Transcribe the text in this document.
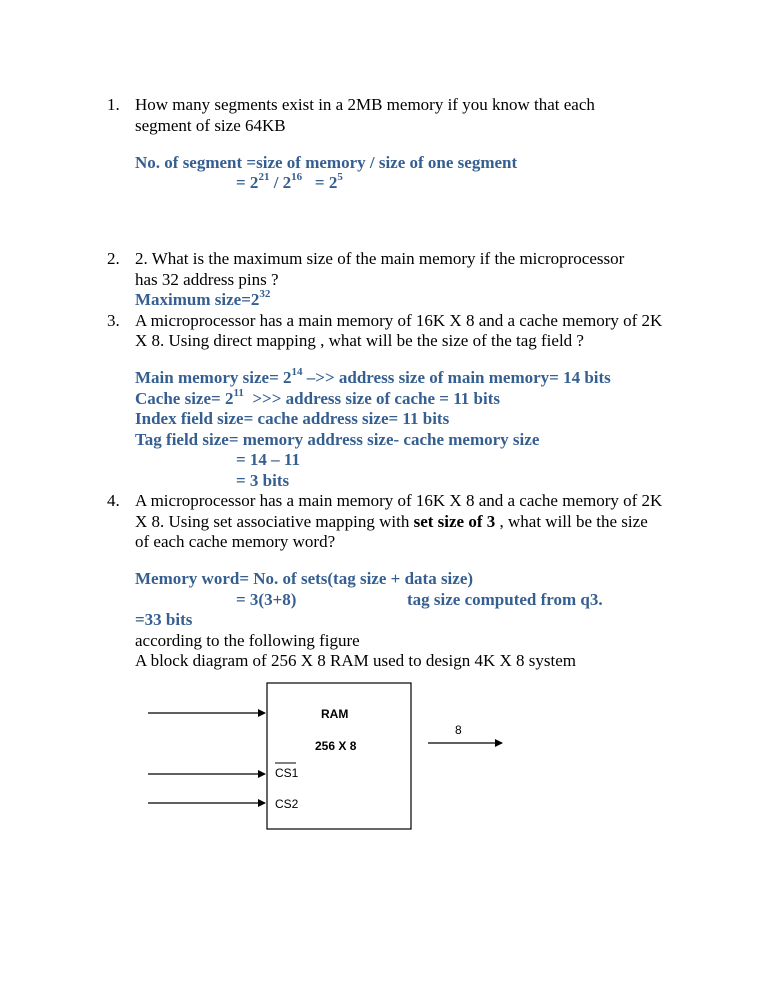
1. How many segments exist in a 2MB memory if you know that each
segment of size 64KB
No. of segment =size of memory / size of one segment
= $2^{21} / 2^{16} = 2^5$
2. 2. What is the maximum size of the main memory if the microprocessor
has 32 address pins ?
Maximum $size=2^{32}$
3. A microprocessor has a main memory of 16K X 8 and a cache memory of 2K
X 8. Using direct mapping , what will be the size of the tag field ?
Main memory size= $2^{14}$ –>> address size of main memory= 14 bits
Cache size= $2^{11}$  >>> address size of cache = 11 bits
Index field size= cache address size= 11 bits
Tag field size= memory address size- cache memory size
= 14 – 11
= 3 bits
4. A microprocessor has a main memory of 16K X 8 and a cache memory of 2K
X 8. Using set associative mapping with set size of 3 , what will be the size
of each cache memory word?
Memory word= No. of sets(tag size + data size)
= 3(3+8)	tag size computed from q3.
=33 bits
according to the following figure
A block diagram of 256 X 8 RAM used to design 4K X 8 system
RAM
256 X 8
8
CS1
CS2
